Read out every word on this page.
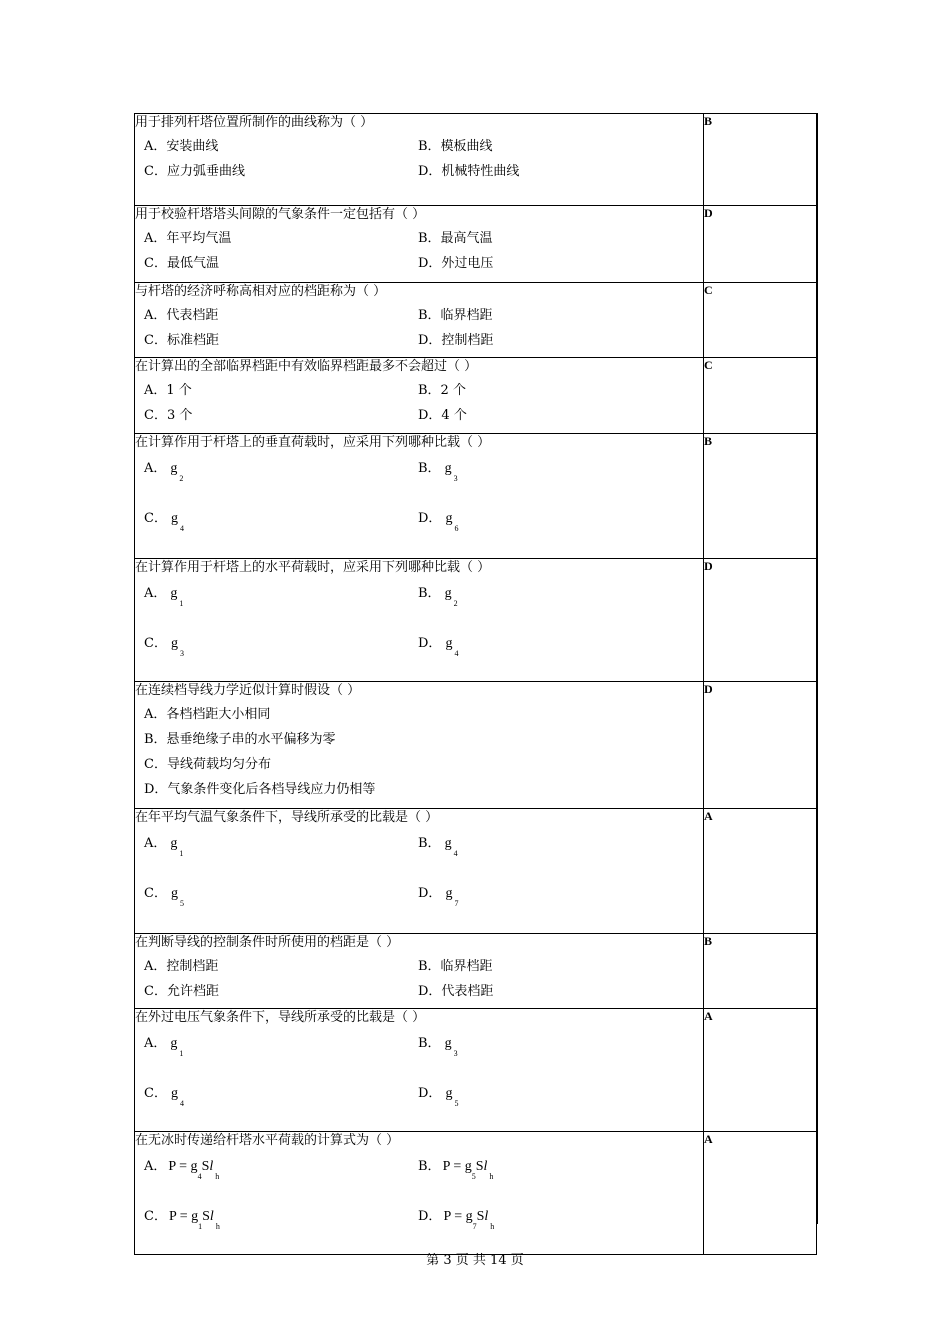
用于排列杆塔位置所制作的曲线称为（ ）
A．安装曲线 B．模板曲线
C．应力弧垂曲线 D．机械特性曲线	B

用于校验杆塔塔头间隙的气象条件一定包括有（ ）
A．年平均气温 B．最高气温
C．最低气温 D．外过电压	D

与杆塔的经济呼称高相对应的档距称为（ ）
A．代表档距 B．临界档距
C．标准档距 D．控制档距	C

在计算出的全部临界档距中有效临界档距最多不会超过（ ）
A．1 个 B．2 个
C．3 个 D．4 个	C

在计算作用于杆塔上的垂直荷载时，应采用下列哪种比载（ ）
A． $g_2$
B． $g_3$
C． $g_4$
D． $g_6$	B

在计算作用于杆塔上的水平荷载时，应采用下列哪种比载（ ）
A． $g_1$
B． $g_2$
C． $g_3$
D． $g_4$	D

在连续档导线力学近似计算时假设（ ）
A．各档档距大小相同
B．悬垂绝缘子串的水平偏移为零
C．导线荷载均匀分布
D．气象条件变化后各档导线应力仍相等	D

在年平均气温气象条件下，导线所承受的比载是（ ）
A． $g_1$
B． $g_4$
C． $g_5$
D． $g_7$	A

在判断导线的控制条件时所使用的档距是（ ）
A．控制档距 B．临界档距
C．允许档距 D．代表档距	B

在外过电压气象条件下，导线所承受的比载是（ ）
A． $g_1$
B． $g_3$
C． $g_4$
D． $g_5$	A

在无冰时传递给杆塔水平荷载的计算式为（ ）
A． $P = g_4Sl_h$
B． $P = g_5Sl_h$
C． $P = g_1Sl_h$
D． $P = g_7Sl_h$	A
第 3 页 共 14 页
